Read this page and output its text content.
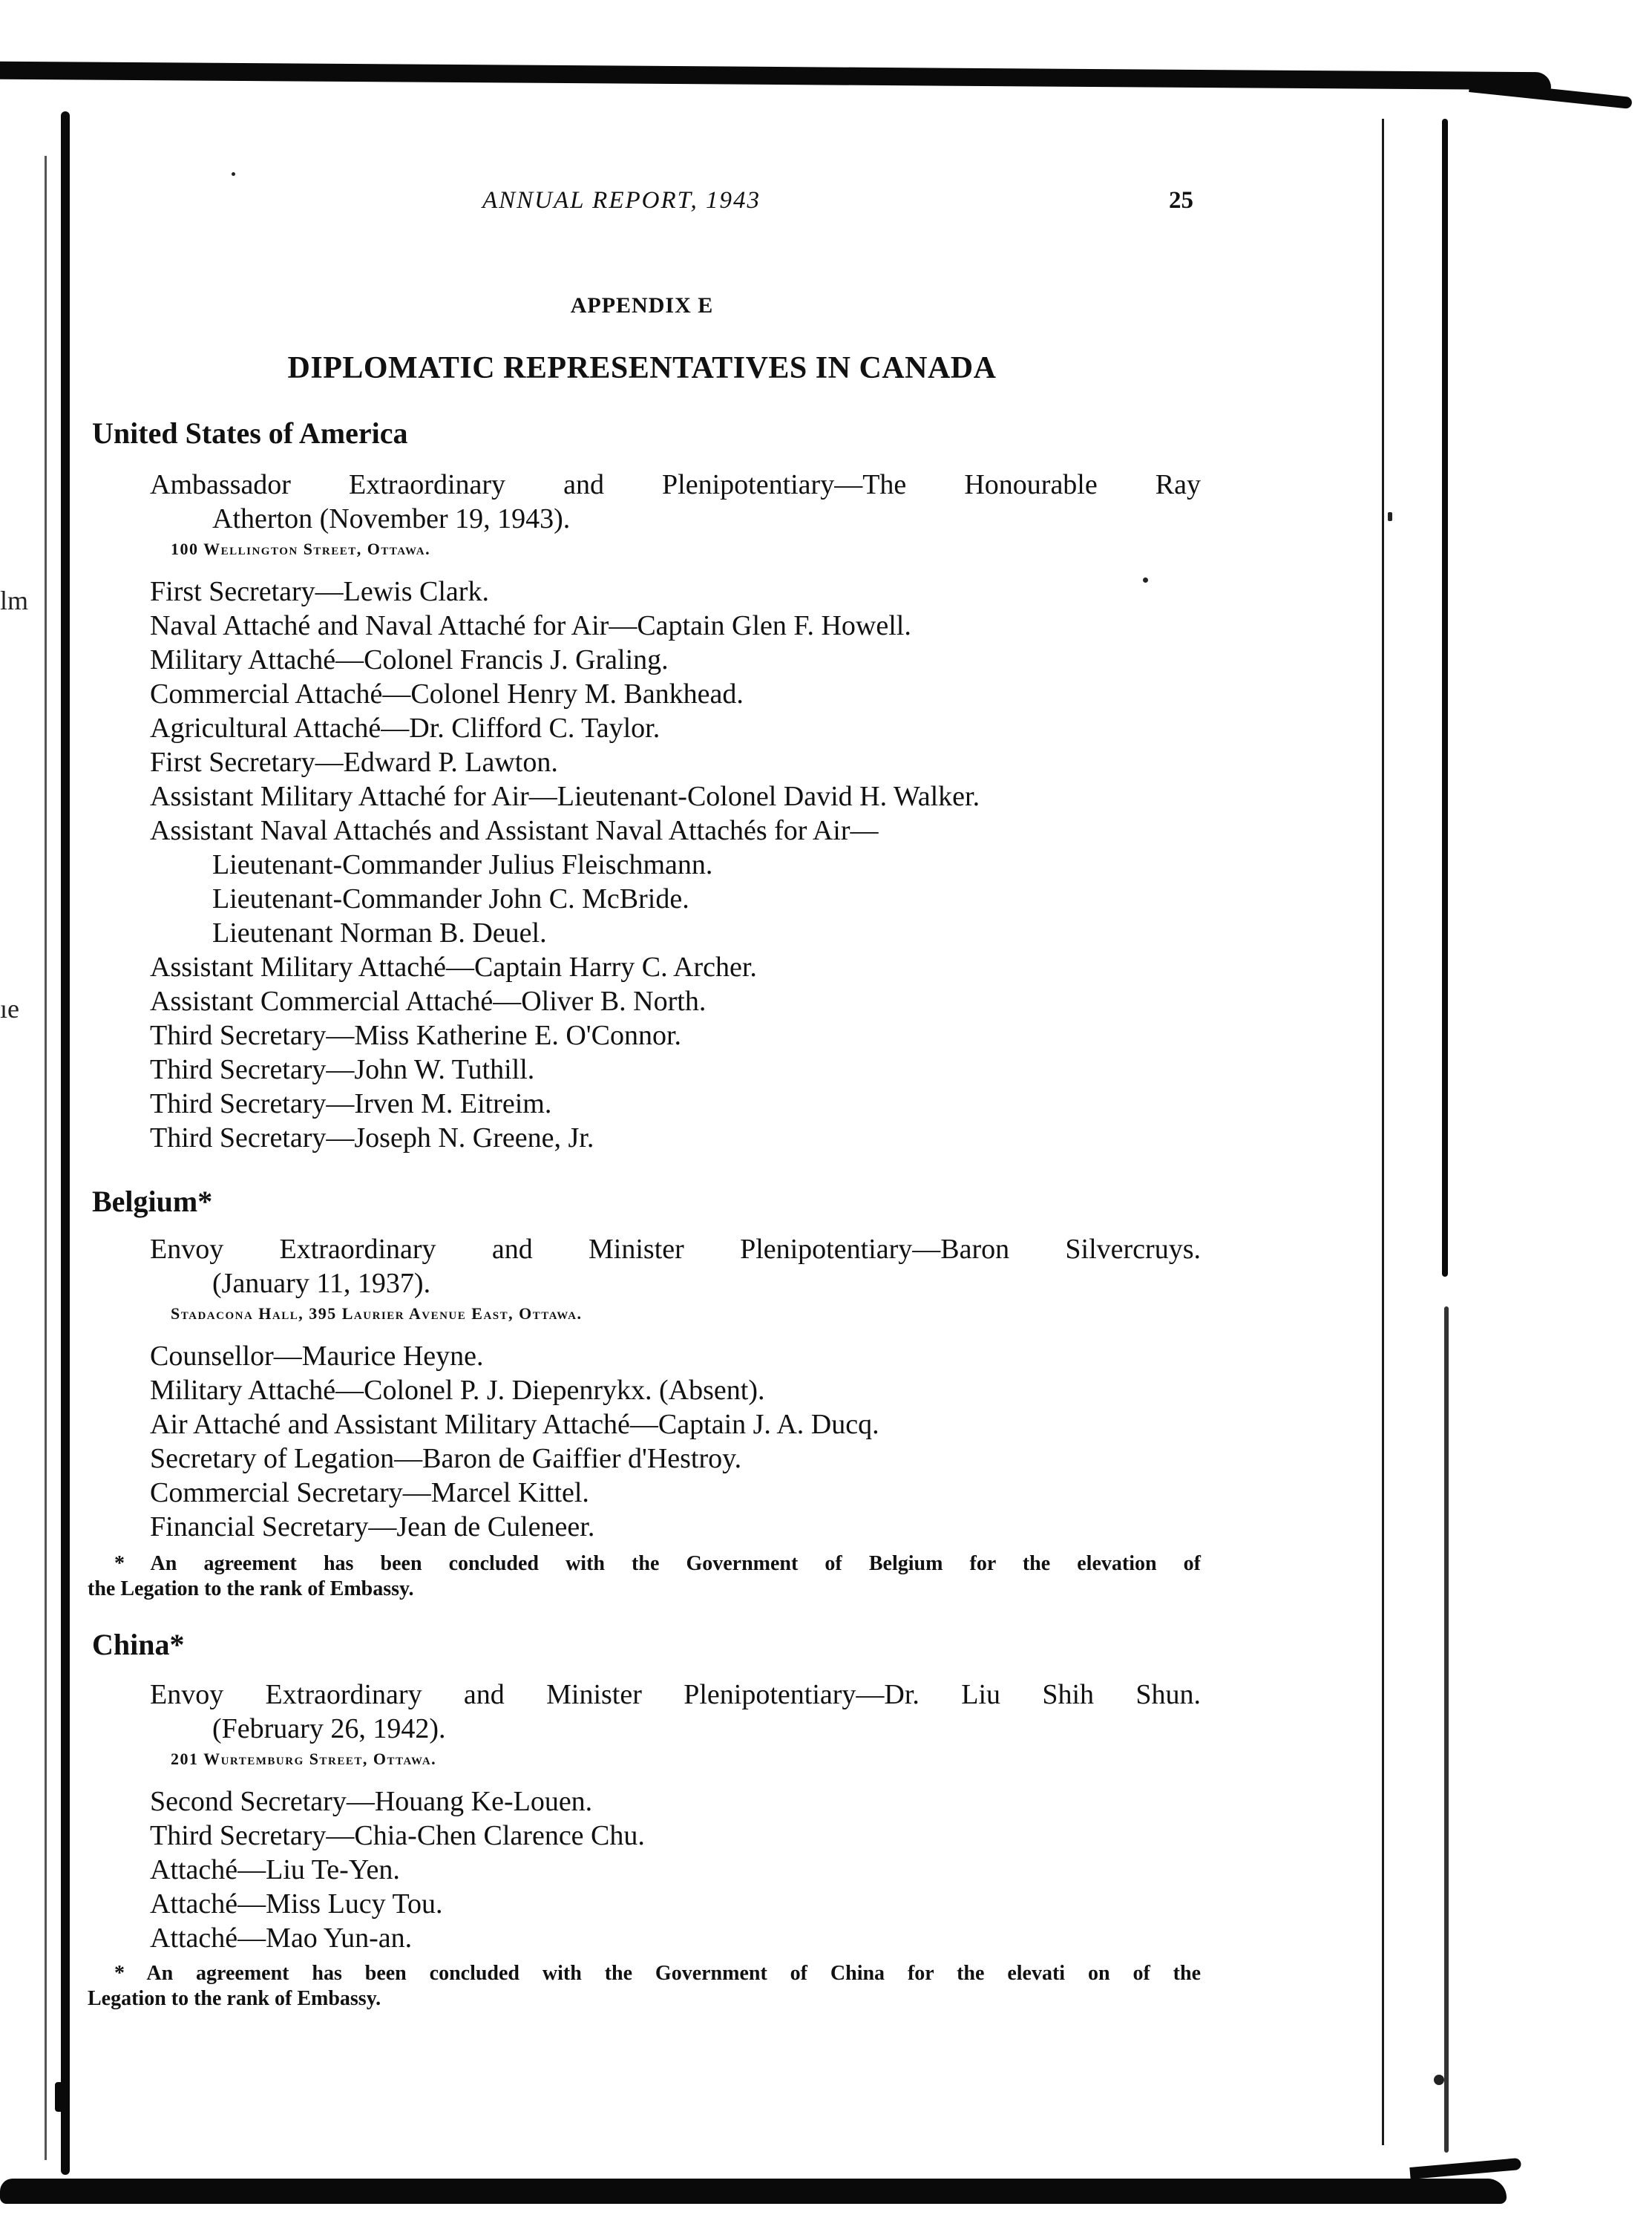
lm
ıe
ANNUAL REPORT, 1943	25
APPENDIX E
DIPLOMATIC REPRESENTATIVES IN CANADA
United States of America
Ambassador Extraordinary and Plenipotentiary—The Honourable Ray
Atherton (November 19, 1943).
100 Wellington Street, Ottawa.
First Secretary—Lewis Clark.
Naval Attaché and Naval Attaché for Air—Captain Glen F. Howell.
Military Attaché—Colonel Francis J. Graling.
Commercial Attaché—Colonel Henry M. Bankhead.
Agricultural Attaché—Dr. Clifford C. Taylor.
First Secretary—Edward P. Lawton.
Assistant Military Attaché for Air—Lieutenant-Colonel David H. Walker.
Assistant Naval Attachés and Assistant Naval Attachés for Air—
Lieutenant-Commander Julius Fleischmann.
Lieutenant-Commander John C. McBride.
Lieutenant Norman B. Deuel.
Assistant Military Attaché—Captain Harry C. Archer.
Assistant Commercial Attaché—Oliver B. North.
Third Secretary—Miss Katherine E. O'Connor.
Third Secretary—John W. Tuthill.
Third Secretary—Irven M. Eitreim.
Third Secretary—Joseph N. Greene, Jr.
Belgium*
Envoy Extraordinary and Minister Plenipotentiary—Baron Silvercruys.
(January 11, 1937).
Stadacona Hall, 395 Laurier Avenue East, Ottawa.
Counsellor—Maurice Heyne.
Military Attaché—Colonel P. J. Diepenrykx. (Absent).
Air Attaché and Assistant Military Attaché—Captain J. A. Ducq.
Secretary of Legation—Baron de Gaiffier d'Hestroy.
Commercial Secretary—Marcel Kittel.
Financial Secretary—Jean de Culeneer.
* An agreement has been concluded with the Government of Belgium for the elevation of
the Legation to the rank of Embassy.
China*
Envoy Extraordinary and Minister Plenipotentiary—Dr. Liu Shih Shun.
(February 26, 1942).
201 Wurtemburg Street, Ottawa.
Second Secretary—Houang Ke-Louen.
Third Secretary—Chia-Chen Clarence Chu.
Attaché—Liu Te-Yen.
Attaché—Miss Lucy Tou.
Attaché—Mao Yun-an.
* An agreement has been concluded with the Government of China for the elevati on of the
Legation to the rank of Embassy.
